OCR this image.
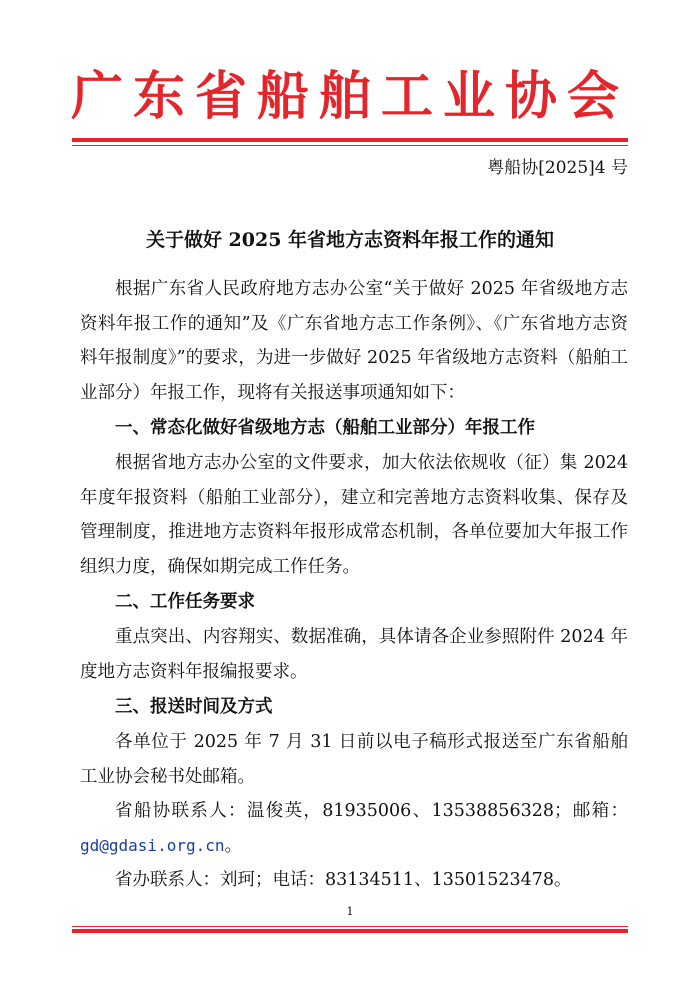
广东省船舶工业协会
粤船协[2025]4 号
关于做好 2025 年省地方志资料年报工作的通知

根据广东省人民政府地方志办公室“关于做好 2025 年省级地方志资料年报工作的通知”及《广东省地方志工作条例》、《广东省地方志资料年报制度》”的要求，为进一步做好 2025 年省级地方志资料（船舶工业部分）年报工作，现将有关报送事项通知如下：

一、常态化做好省级地方志（船舶工业部分）年报工作

根据省地方志办公室的文件要求，加大依法依规收（征）集 2024 年度年报资料（船舶工业部分），建立和完善地方志资料收集、保存及管理制度，推进地方志资料年报形成常态机制，各单位要加大年报工作组织力度，确保如期完成工作任务。

二、工作任务要求

重点突出、内容翔实、数据准确，具体请各企业参照附件 2024 年度地方志资料年报编报要求。

三、报送时间及方式

各单位于 2025 年 7 月 31 日前以电子稿形式报送至广东省船舶工业协会秘书处邮箱。

省船协联系人：温俊英，81935006、13538856328；邮箱：gd@gdasi.org.cn。

省办联系人：刘珂；电话：83134511、13501523478。

1
